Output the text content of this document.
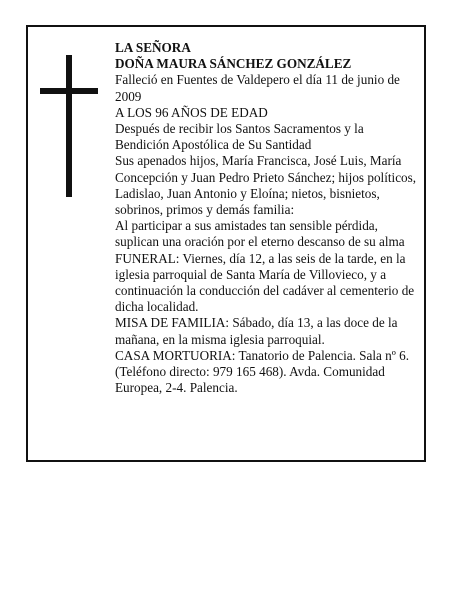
LA SEÑORA
DOÑA MAURA SÁNCHEZ GONZÁLEZ
Falleció en Fuentes de Valdepero el día 11 de junio de 2009
A LOS 96 AÑOS DE EDAD
Después de recibir los Santos Sacramentos y la Bendición Apostólica de Su Santidad
Sus apenados hijos, María Francisca, José Luis, María Concepción y Juan Pedro Prieto Sánchez; hijos políticos, Ladislao, Juan Antonio y Eloína; nietos, bisnietos, sobrinos, primos y demás familia:
Al participar a sus amistades tan sensible pérdida, suplican una oración por el eterno descanso de su alma
FUNERAL: Viernes, día 12, a las seis de la tarde, en la iglesia parroquial de Santa María de Villovieco, y a continuación la conducción del cadáver al cementerio de dicha localidad.
MISA DE FAMILIA: Sábado, día 13, a las doce de la mañana, en la misma iglesia parroquial.
CASA MORTUORIA: Tanatorio de Palencia. Sala nº 6. (Teléfono directo: 979 165 468). Avda. Comunidad Europea, 2-4. Palencia.
